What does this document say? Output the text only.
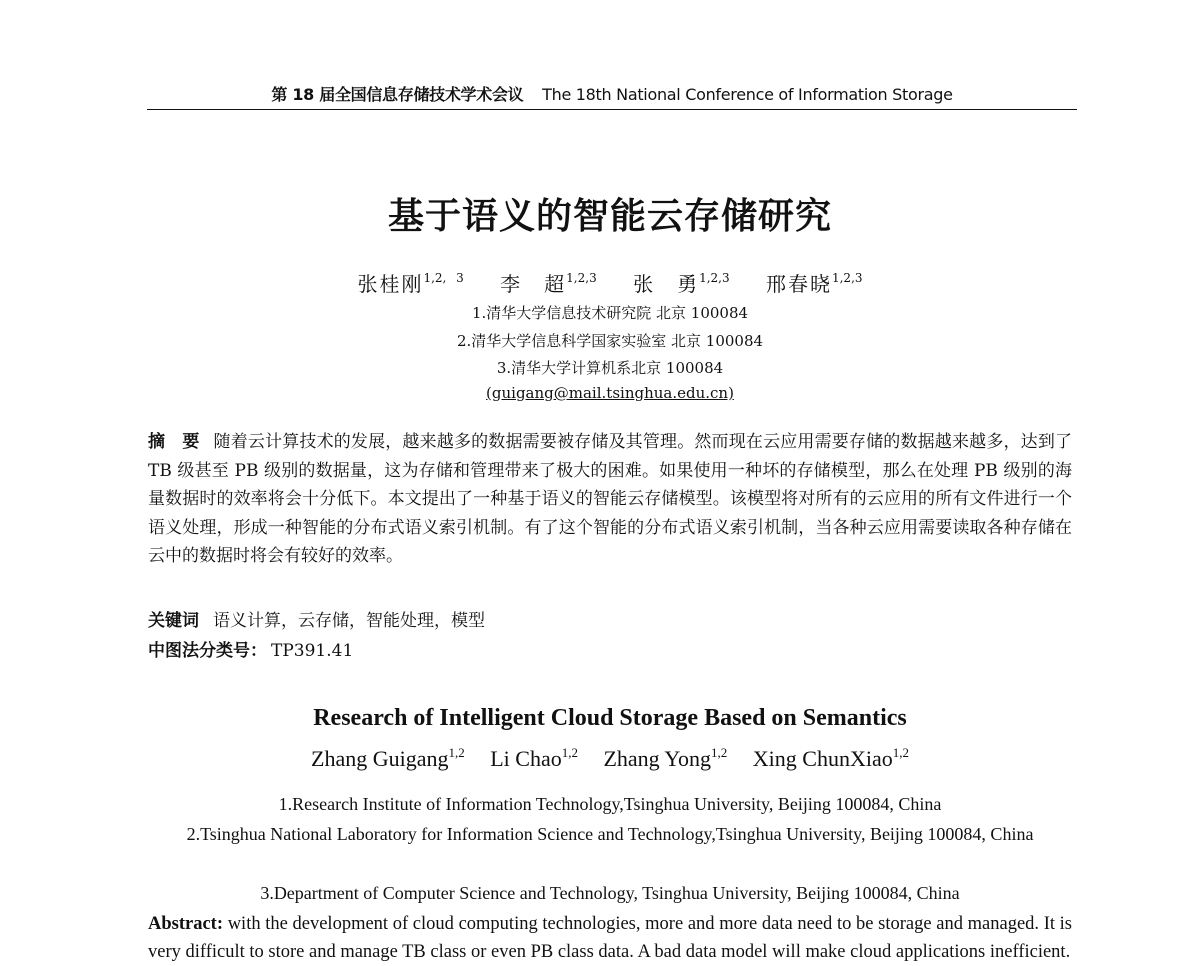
第 18 届全国信息存储技术学术会议 The 18th National Conference of Information Storage
基于语义的智能云存储研究
张桂刚$^{1,2, 3}$ 李　超$^{1,2,3}$ 张　勇$^{1,2,3}$ 邢春晓$^{1,2,3}$
1.清华大学信息技术研究院 北京 100084
2.清华大学信息科学国家实验室 北京 100084
3.清华大学计算机系北京 100084
(guigang@mail.tsinghua.edu.cn)

摘　要 随着云计算技术的发展，越来越多的数据需要被存储及其管理。然而现在云应用需要存储的数据越来越多，达到了 TB 级甚至 PB 级别的数据量，这为存储和管理带来了极大的困难。如果使用一种坏的存储模型，那么在处理 PB 级别的海量数据时的效率将会十分低下。本文提出了一种基于语义的智能云存储模型。该模型将对所有的云应用的所有文件进行一个语义处理，形成一种智能的分布式语义索引机制。有了这个智能的分布式语义索引机制，当各种云应用需要读取各种存储在云中的数据时将会有较好的效率。

关键词 语义计算，云存储，智能处理，模型
中图法分类号： TP391.41
Research of Intelligent Cloud Storage Based on Semantics
Zhang Guigang$^{1,2}$ Li Chao$^{1,2}$ Zhang Yong$^{1,2}$ Xing ChunXiao$^{1,2}$
1.Research Institute of Information Technology,Tsinghua University, Beijing 100084, China
2.Tsinghua National Laboratory for Information Science and Technology,Tsinghua University, Beijing 100084, China
3.Department of Computer Science and Technology, Tsinghua University, Beijing 100084, China

Abstract: with the development of cloud computing technologies, more and more data need to be storage and managed. It is very difficult to store and manage TB class or even PB class data. A bad data model will make cloud applications inefficient.
